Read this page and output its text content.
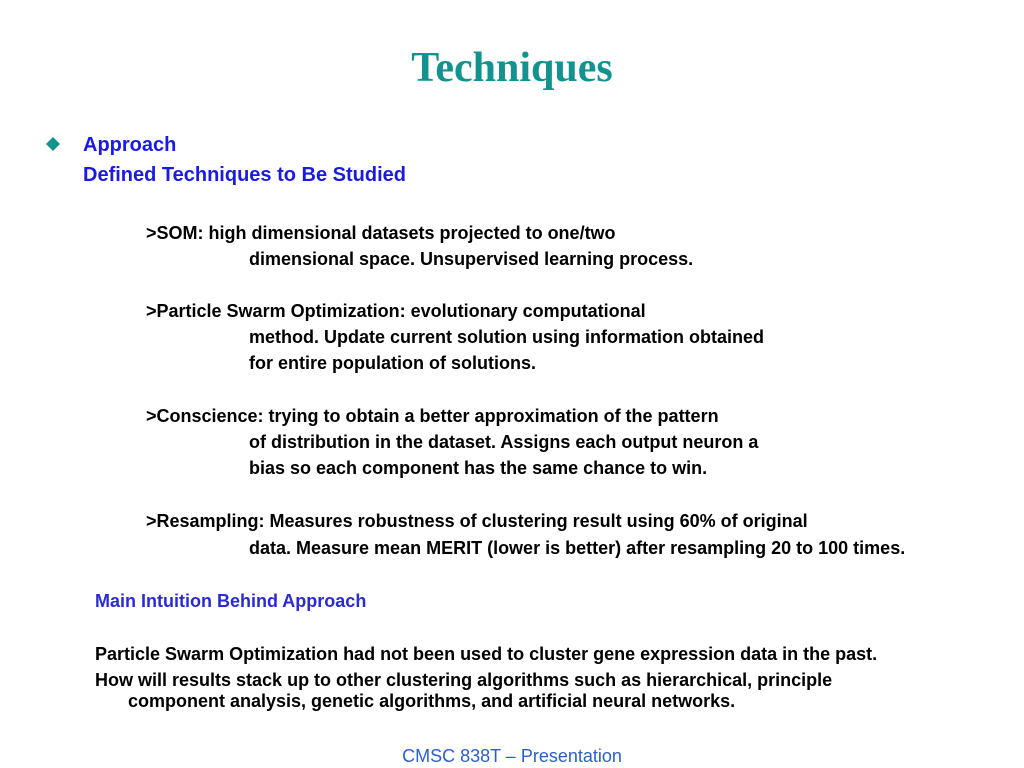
Techniques
Approach
Defined Techniques to Be Studied
>SOM: high dimensional datasets projected to one/two
dimensional space. Unsupervised learning process.
>Particle Swarm Optimization: evolutionary computational
method. Update current solution using information obtained
for entire population of solutions.
>Conscience: trying to obtain a better approximation of the pattern
of distribution in the dataset. Assigns each output neuron a
bias so each component has the same chance to win.
>Resampling: Measures robustness of clustering result using 60% of original
data. Measure mean MERIT (lower is better) after resampling 20 to 100 times.
Main Intuition Behind Approach
Particle Swarm Optimization had not been used to cluster gene expression data in the past.
How will results stack up to other clustering algorithms such as hierarchical, principle
component analysis, genetic algorithms, and artificial neural networks.
CMSC 838T – Presentation
